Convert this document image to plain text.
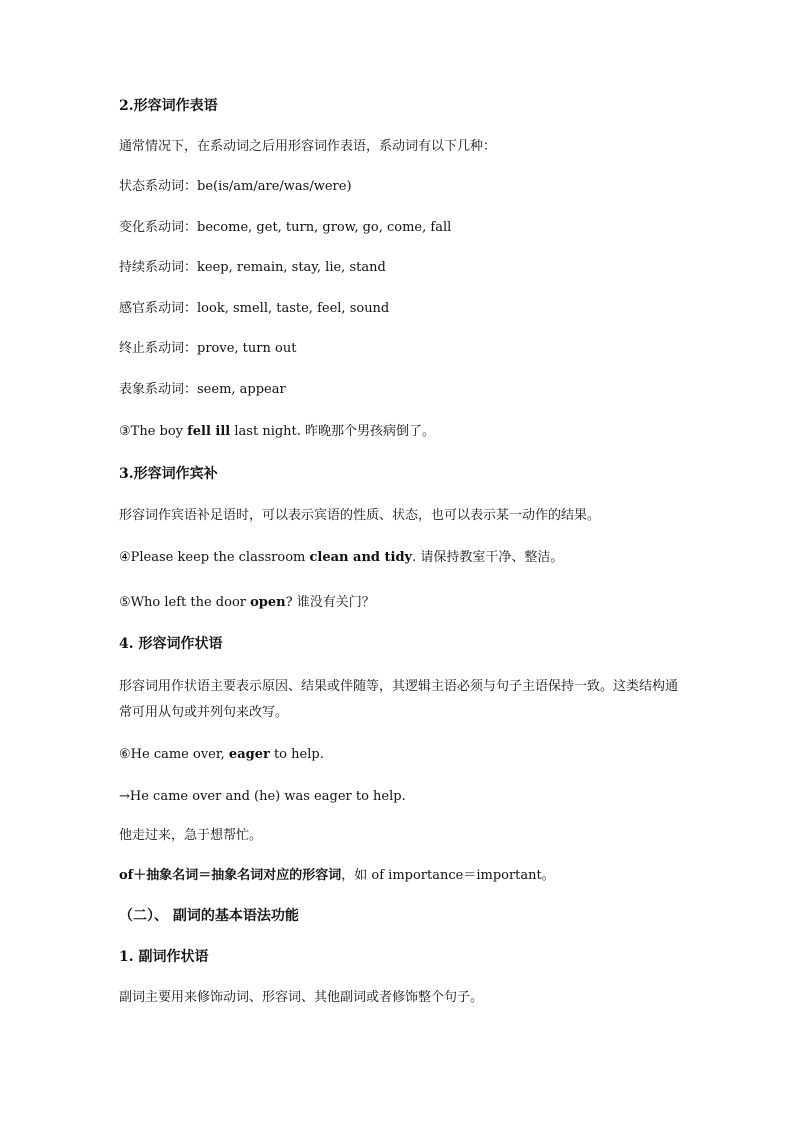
2.形容词作表语
通常情况下，在系动词之后用形容词作表语，系动词有以下几种：
状态系动词：be(is/am/are/was/were)
变化系动词：become, get, turn, grow, go, come, fall
持续系动词：keep, remain, stay, lie, stand
感官系动词：look, smell, taste, feel, sound
终止系动词：prove, turn out
表象系动词：seem, appear
③The boy fell ill last night. 昨晚那个男孩病倒了。
3.形容词作宾补
形容词作宾语补足语时，可以表示宾语的性质、状态，也可以表示某一动作的结果。
④Please keep the classroom clean and tidy. 请保持教室干净、整洁。
⑤Who left the door open? 谁没有关门？
4. 形容词作状语
形容词用作状语主要表示原因、结果或伴随等，其逻辑主语必须与句子主语保持一致。这类结构通常可用从句或并列句来改写。
⑥He came over, eager to help.
→He came over and (he) was eager to help.
他走过来，急于想帮忙。
of＋抽象名词＝抽象名词对应的形容词，如 of importance＝important。
（二）、 副词的基本语法功能
1. 副词作状语
副词主要用来修饰动词、形容词、其他副词或者修饰整个句子。
